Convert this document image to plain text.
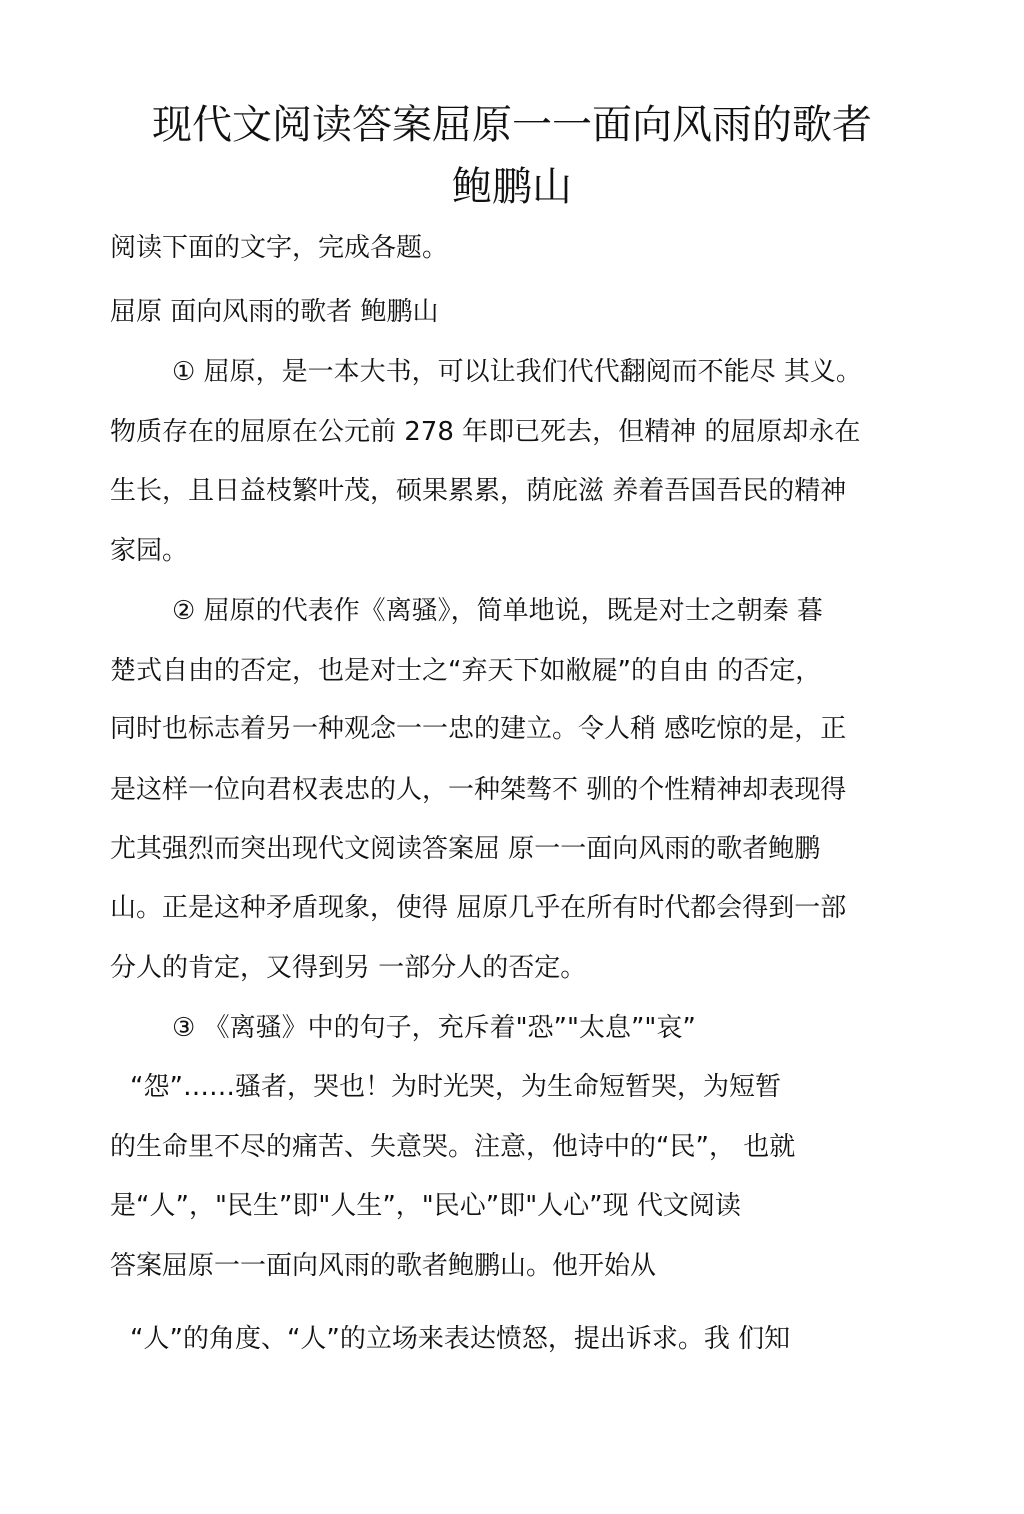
现代文阅读答案屈原一一面向风雨的歌者
鲍鹏山
阅读下面的文字，完成各题。
屈原 面向风雨的歌者 鲍鹏山
① 屈原，是一本大书，可以让我们代代翻阅而不能尽 其义。
物质存在的屈原在公元前 278 年即已死去，但精神 的屈原却永在
生长，且日益枝繁叶茂，硕果累累，荫庇滋 养着吾国吾民的精神
家园。
② 屈原的代表作《离骚》，简单地说，既是对士之朝秦 暮
楚式自由的否定，也是对士之“弃天下如敝屣”的自由 的否定，
同时也标志着另一种观念一一忠的建立。令人稍 感吃惊的是，正
是这样一位向君权表忠的人，一种桀骜不 驯的个性精神却表现得
尤其强烈而突出现代文阅读答案屈 原一一面向风雨的歌者鲍鹏
山。正是这种矛盾现象，使得 屈原几乎在所有时代都会得到一部
分人的肯定，又得到另 一部分人的否定。
③ 《离骚》中的句子，充斥着"恐”"太息”"哀”
“怨”……骚者，哭也！为时光哭，为生命短暂哭，为短暂
的生命里不尽的痛苦、失意哭。注意，他诗中的“民”， 也就
是“人”，"民生”即"人生”，"民心”即"人心”现 代文阅读
答案屈原一一面向风雨的歌者鲍鹏山。他开始从
“人”的角度、“人”的立场来表达愤怒，提出诉求。我 们知
